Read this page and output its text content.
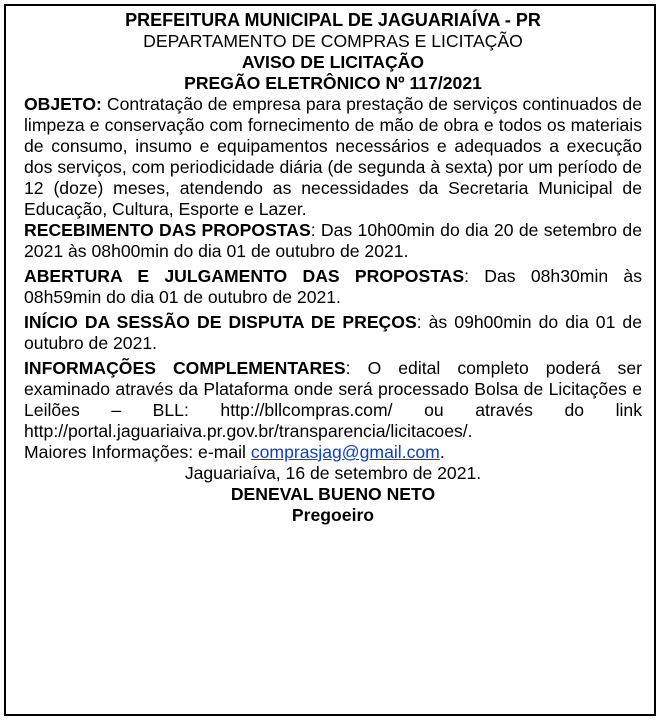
PREFEITURA MUNICIPAL DE JAGUARIAÍVA - PR
DEPARTAMENTO DE COMPRAS E LICITAÇÃO
AVISO DE LICITAÇÃO
PREGÃO ELETRÔNICO Nº 117/2021

OBJETO: Contratação de empresa para prestação de serviços continuados de limpeza e conservação com fornecimento de mão de obra e todos os materiais de consumo, insumo e equipamentos necessários e adequados a execução dos serviços, com periodicidade diária (de segunda à sexta) por um período de 12 (doze) meses, atendendo as necessidades da Secretaria Municipal de Educação, Cultura, Esporte e Lazer.

RECEBIMENTO DAS PROPOSTAS: Das 10h00min do dia 20 de setembro de 2021 às 08h00min do dia 01 de outubro de 2021.

ABERTURA E JULGAMENTO DAS PROPOSTAS: Das 08h30min às 08h59min do dia 01 de outubro de 2021.

INÍCIO DA SESSÃO DE DISPUTA DE PREÇOS: às 09h00min do dia 01 de outubro de 2021.

INFORMAÇÕES COMPLEMENTARES: O edital completo poderá ser examinado através da Plataforma onde será processado Bolsa de Licitações e Leilões – BLL: http://bllcompras.com/ ou através do link http://portal.jaguariaiva.pr.gov.br/transparencia/licitacoes/.

Maiores Informações: e-mail comprasjag@gmail.com.

Jaguariaíva, 16 de setembro de 2021.
DENEVAL BUENO NETO
Pregoeiro
